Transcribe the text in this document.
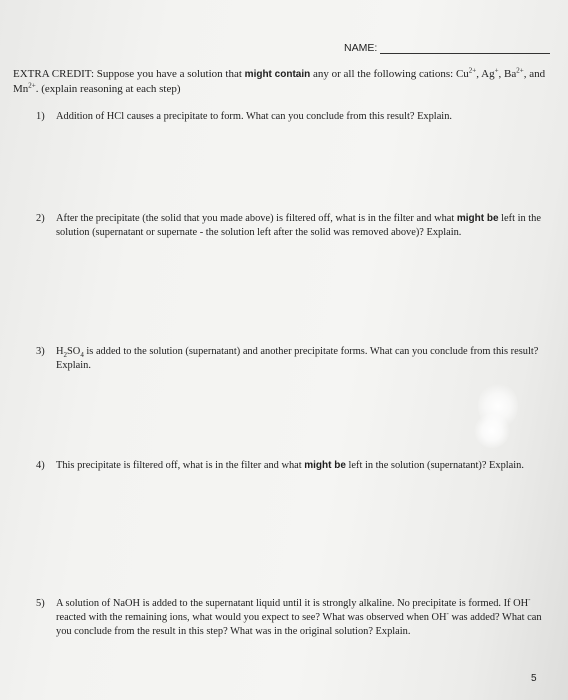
NAME:
EXTRA CREDIT: Suppose you have a solution that might contain any or all the following cations: $Cu^{2+}$, Ag+, $Ba^{2+}$, and $Mn^{2+}$. (explain reasoning at each step)
1)	Addition of HCl causes a precipitate to form. What can you conclude from this result? Explain.
2)	After the precipitate (the solid that you made above) is filtered off, what is in the filter and what might be left in the solution (supernatant or supernate - the solution left after the solid was removed above)? Explain.
3)	$H_2SO_4$ is added to the solution (supernatant) and another precipitate forms. What can you conclude from this result? Explain.
4)	This precipitate is filtered off, what is in the filter and what might be left in the solution (supernatant)? Explain.
5)	A solution of NaOH is added to the supernatant liquid until it is strongly alkaline. No precipitate is formed. If OH- reacted with the remaining ions, what would you expect to see? What was observed when OH- was added? What can you conclude from the result in this step? What was in the original solution? Explain.
5
